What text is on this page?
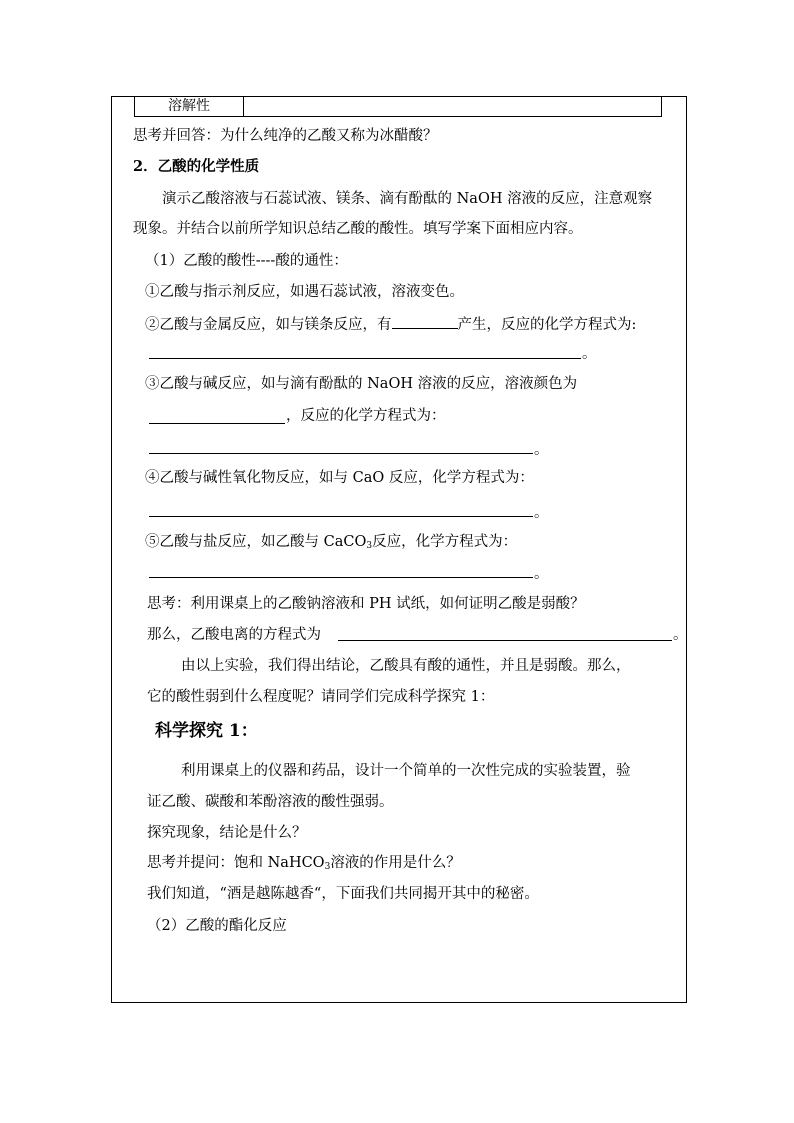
溶解性
思考并回答：为什么纯净的乙酸又称为冰醋酸？
2．乙酸的化学性质
演示乙酸溶液与石蕊试液、镁条、滴有酚酞的 NaOH 溶液的反应，注意观察
现象。并结合以前所学知识总结乙酸的酸性。填写学案下面相应内容。
（1）乙酸的酸性----酸的通性：
①乙酸与指示剂反应，如遇石蕊试液，溶液变色。
②乙酸与金属反应，如与镁条反应，有	产生，反应的化学方程式为:
。
③乙酸与碱反应，如与滴有酚酞的 NaOH 溶液的反应，溶液颜色为
，反应的化学方程式为：
。
④乙酸与碱性氧化物反应，如与 CaO 反应，化学方程式为：
。
⑤乙酸与盐反应，如乙酸与 CaCO$_3$反应，化学方程式为：
。
思考：利用课桌上的乙酸钠溶液和 PH 试纸，如何证明乙酸是弱酸？
那么，乙酸电离的方程式为	。
由以上实验，我们得出结论，乙酸具有酸的通性，并且是弱酸。那么，
它的酸性弱到什么程度呢？请同学们完成科学探究 1：
科学探究 1：
利用课桌上的仪器和药品，设计一个简单的一次性完成的实验装置，验
证乙酸、碳酸和苯酚溶液的酸性强弱。
探究现象，结论是什么？
思考并提问：饱和 NaHCO$_3$溶液的作用是什么？
我们知道，“酒是越陈越香“，下面我们共同揭开其中的秘密。
（2）乙酸的酯化反应
